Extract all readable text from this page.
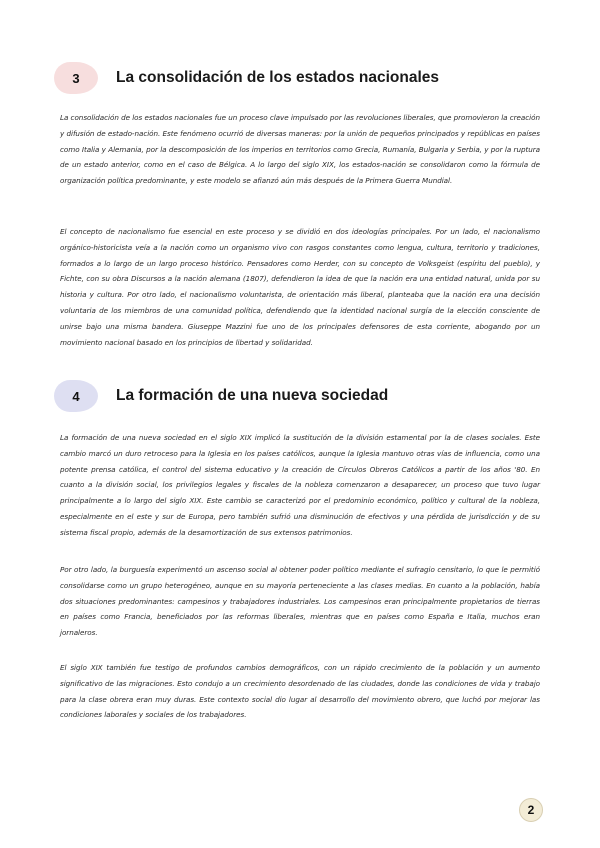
3	La consolidación de los estados nacionales

La consolidación de los estados nacionales fue un proceso clave impulsado por las revoluciones liberales, que promovieron la creación y difusión de estado-nación. Este fenómeno ocurrió de diversas maneras: por la unión de pequeños principados y repúblicas en países como Italia y Alemania, por la descomposición de los imperios en territorios como Grecia, Rumanía, Bulgaria y Serbia, y por la ruptura de un estado anterior, como en el caso de Bélgica. A lo largo del siglo XIX, los estados-nación se consolidaron como la fórmula de organización política predominante, y este modelo se afianzó aún más después de la Primera Guerra Mundial.

El concepto de nacionalismo fue esencial en este proceso y se dividió en dos ideologías principales. Por un lado, el nacionalismo orgánico-historicista veía a la nación como un organismo vivo con rasgos constantes como lengua, cultura, territorio y tradiciones, formados a lo largo de un largo proceso histórico. Pensadores como Herder, con su concepto de Volksgeist (espíritu del pueblo), y Fichte, con su obra Discursos a la nación alemana (1807), defendieron la idea de que la nación era una entidad natural, unida por su historia y cultura. Por otro lado, el nacionalismo voluntarista, de orientación más liberal, planteaba que la nación era una decisión voluntaria de los miembros de una comunidad política, defendiendo que la identidad nacional surgía de la elección consciente de unirse bajo una misma bandera. Giuseppe Mazzini fue uno de los principales defensores de esta corriente, abogando por un movimiento nacional basado en los principios de libertad y solidaridad.

4	La formación de una nueva sociedad

La formación de una nueva sociedad en el siglo XIX implicó la sustitución de la división estamental por la de clases sociales. Este cambio marcó un duro retroceso para la Iglesia en los países católicos, aunque la Iglesia mantuvo otras vías de influencia, como una potente prensa católica, el control del sistema educativo y la creación de Círculos Obreros Católicos a partir de los años '80. En cuanto a la división social, los privilegios legales y fiscales de la nobleza comenzaron a desaparecer, un proceso que tuvo lugar principalmente a lo largo del siglo XIX. Este cambio se caracterizó por el predominio económico, político y cultural de la nobleza, especialmente en el este y sur de Europa, pero también sufrió una disminución de efectivos y una pérdida de jurisdicción y de su sistema fiscal propio, además de la desamortización de sus extensos patrimonios.

Por otro lado, la burguesía experimentó un ascenso social al obtener poder político mediante el sufragio censitario, lo que le permitió consolidarse como un grupo heterogéneo, aunque en su mayoría perteneciente a las clases medias. En cuanto a la población, había dos situaciones predominantes: campesinos y trabajadores industriales. Los campesinos eran principalmente propietarios de tierras en países como Francia, beneficiados por las reformas liberales, mientras que en países como España e Italia, muchos eran jornaleros.

El siglo XIX también fue testigo de profundos cambios demográficos, con un rápido crecimiento de la población y un aumento significativo de las migraciones. Esto condujo a un crecimiento desordenado de las ciudades, donde las condiciones de vida y trabajo para la clase obrera eran muy duras. Este contexto social dio lugar al desarrollo del movimiento obrero, que luchó por mejorar las condiciones laborales y sociales de los trabajadores.

2
